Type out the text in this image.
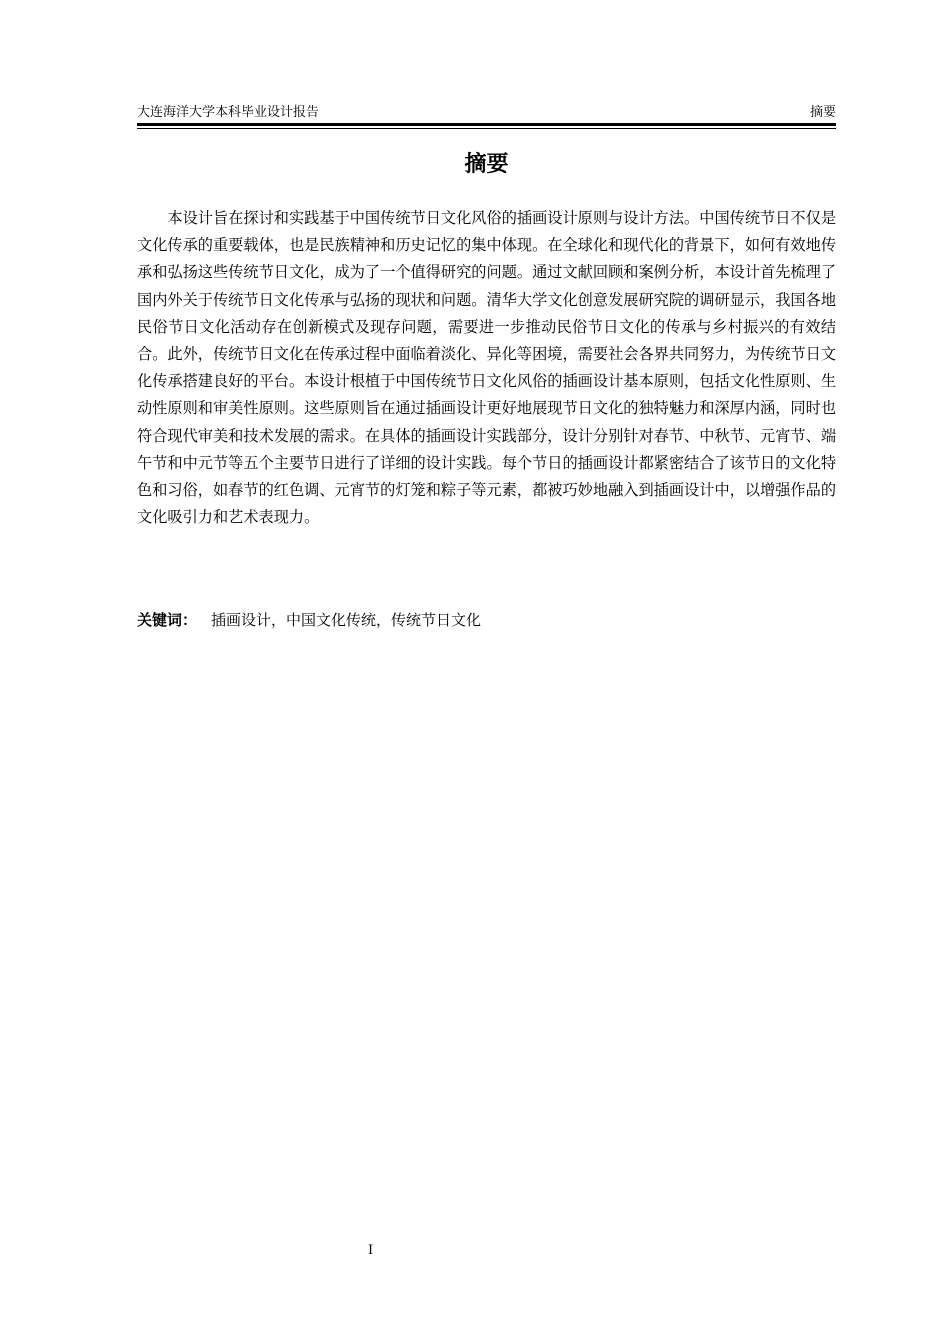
大连海洋大学本科毕业设计报告	摘要
摘要

本设计旨在探讨和实践基于中国传统节日文化风俗的插画设计原则与设计方法。中国传统节日不仅是文化传承的重要载体，也是民族精神和历史记忆的集中体现。在全球化和现代化的背景下，如何有效地传承和弘扬这些传统节日文化，成为了一个值得研究的问题。通过文献回顾和案例分析，本设计首先梳理了国内外关于传统节日文化传承与弘扬的现状和问题。清华大学文化创意发展研究院的调研显示，我国各地民俗节日文化活动存在创新模式及现存问题，需要进一步推动民俗节日文化的传承与乡村振兴的有效结合。此外，传统节日文化在传承过程中面临着淡化、异化等困境，需要社会各界共同努力，为传统节日文化传承搭建良好的平台。本设计根植于中国传统节日文化风俗的插画设计基本原则，包括文化性原则、生动性原则和审美性原则。这些原则旨在通过插画设计更好地展现节日文化的独特魅力和深厚内涵，同时也符合现代审美和技术发展的需求。在具体的插画设计实践部分，设计分别针对春节、中秋节、元宵节、端午节和中元节等五个主要节日进行了详细的设计实践。每个节日的插画设计都紧密结合了该节日的文化特色和习俗，如春节的红色调、元宵节的灯笼和粽子等元素，都被巧妙地融入到插画设计中，以增强作品的文化吸引力和艺术表现力。

关键词： 插画设计，中国文化传统，传统节日文化
I
